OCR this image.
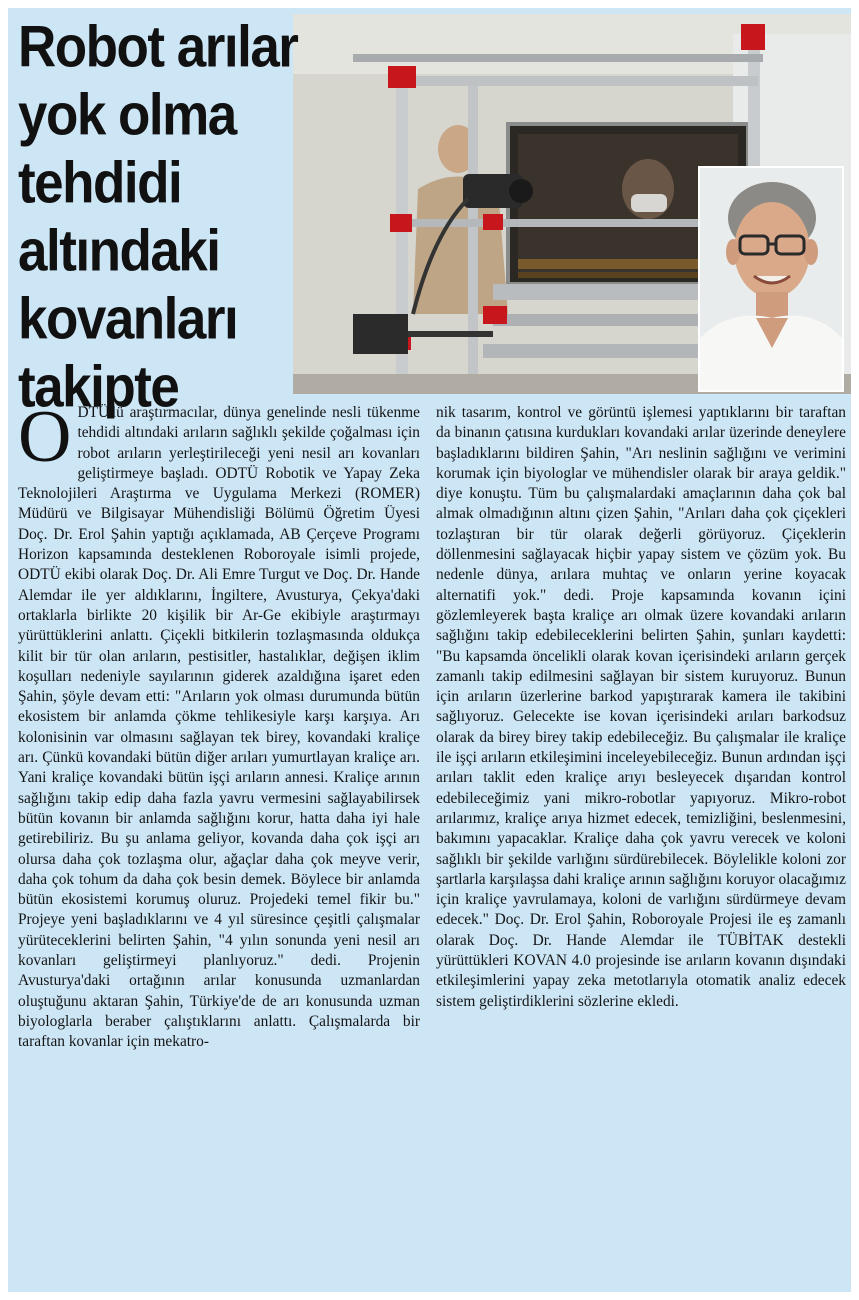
Robot arılar
yok olma
tehdidi
altındaki
kovanları
takipte

ODTÜ'lü araştırmacılar, dünya genelinde nesli tükenme tehdidi altındaki arıların sağlıklı şekilde çoğalması için robot arıların yerleştirileceği yeni nesil arı kovanları geliştirmeye başladı. ODTÜ Robotik ve Yapay Zeka Teknolojileri Araştırma ve Uygulama Merkezi (ROMER) Müdürü ve Bilgisayar Mühendisliği Bölümü Öğretim Üyesi Doç. Dr. Erol Şahin yaptığı açıklamada, AB Çerçeve Programı Horizon kapsamında desteklenen Roboroyale isimli projede, ODTÜ ekibi olarak Doç. Dr. Ali Emre Turgut ve Doç. Dr. Hande Alemdar ile yer aldıklarını, İngiltere, Avusturya, Çekya'daki ortaklarla birlikte 20 kişilik bir Ar-Ge ekibiyle araştırmayı yürüttüklerini anlattı. Çiçekli bitkilerin tozlaşmasında oldukça kilit bir tür olan arıların, pestisitler, hastalıklar, değişen iklim koşulları nedeniyle sayılarının giderek azaldığına işaret eden Şahin, şöyle devam etti: "Arıların yok olması durumunda bütün ekosistem bir anlamda çökme tehlikesiyle karşı karşıya. Arı kolonisinin var olmasını sağlayan tek birey, kovandaki kraliçe arı. Çünkü kovandaki bütün diğer arıları yumurtlayan kraliçe arı. Yani kraliçe kovandaki bütün işçi arıların annesi. Kraliçe arının sağlığını takip edip daha fazla yavru vermesini sağlayabilirsek bütün kovanın bir anlamda sağlığını korur, hatta daha iyi hale getirebiliriz. Bu şu anlama geliyor, kovanda daha çok işçi arı olursa daha çok tozlaşma olur, ağaçlar daha çok meyve verir, daha çok tohum da daha çok besin demek. Böylece bir anlamda bütün ekosistemi korumuş oluruz. Projedeki temel fikir bu." Projeye yeni başladıklarını ve 4 yıl süresince çeşitli çalışmalar yürüteceklerini belirten Şahin, "4 yılın sonunda yeni nesil arı kovanları geliştirmeyi planlıyoruz." dedi. Projenin Avusturya'daki ortağının arılar konusunda uzmanlardan oluştuğunu aktaran Şahin, Türkiye'de de arı konusunda uzman biyologlarla beraber çalıştıklarını anlattı. Çalışmalarda bir taraftan kovanlar için mekatro-

nik tasarım, kontrol ve görüntü işlemesi yaptıklarını bir taraftan da binanın çatısına kurdukları kovandaki arılar üzerinde deneylere başladıklarını bildiren Şahin, "Arı neslinin sağlığını ve verimini korumak için biyologlar ve mühendisler olarak bir araya geldik." diye konuştu. Tüm bu çalışmalardaki amaçlarının daha çok bal almak olmadığının altını çizen Şahin, "Arıları daha çok çiçekleri tozlaştıran bir tür olarak değerli görüyoruz. Çiçeklerin döllenmesini sağlayacak hiçbir yapay sistem ve çözüm yok. Bu nedenle dünya, arılara muhtaç ve onların yerine koyacak alternatifi yok." dedi. Proje kapsamında kovanın içini gözlemleyerek başta kraliçe arı olmak üzere kovandaki arıların sağlığını takip edebileceklerini belirten Şahin, şunları kaydetti: "Bu kapsamda öncelikli olarak kovan içerisindeki arıların gerçek zamanlı takip edilmesini sağlayan bir sistem kuruyoruz. Bunun için arıların üzerlerine barkod yapıştırarak kamera ile takibini sağlıyoruz. Gelecekte ise kovan içerisindeki arıları barkodsuz olarak da birey birey takip edebileceğiz. Bu çalışmalar ile kraliçe ile işçi arıların etkileşimini inceleyebileceğiz. Bunun ardından işçi arıları taklit eden kraliçe arıyı besleyecek dışarıdan kontrol edebileceğimiz yani mikro-robotlar yapıyoruz. Mikro-robot arılarımız, kraliçe arıya hizmet edecek, temizliğini, beslenmesini, bakımını yapacaklar. Kraliçe daha çok yavru verecek ve koloni sağlıklı bir şekilde varlığını sürdürebilecek. Böylelikle koloni zor şartlarla karşılaşsa dahi kraliçe arının sağlığını koruyor olacağımız için kraliçe yavrulamaya, koloni de varlığını sürdürmeye devam edecek." Doç. Dr. Erol Şahin, Roboroyale Projesi ile eş zamanlı olarak Doç. Dr. Hande Alemdar ile TÜBİTAK destekli yürüttükleri KOVAN 4.0 projesinde ise arıların kovanın dışındaki etkileşimlerini yapay zeka metotlarıyla otomatik analiz edecek sistem geliştirdiklerini sözlerine ekledi.
